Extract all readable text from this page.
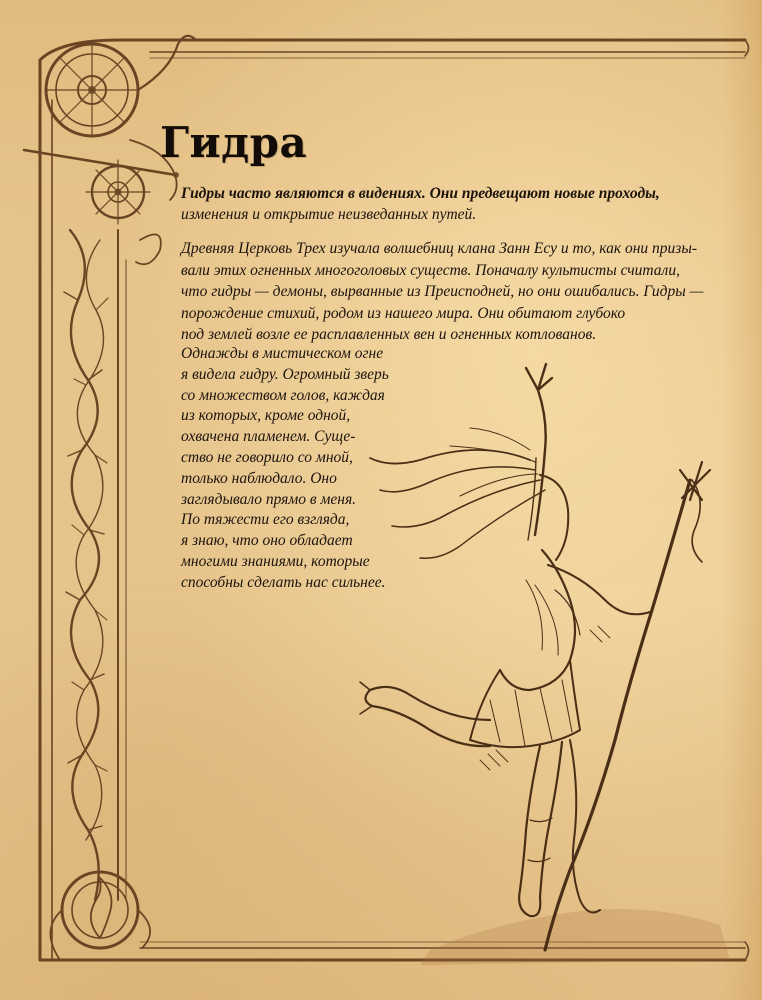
Гидра

Гидры часто являются в видениях. Они предвещают новые проходы,
изменения и открытие неизведанных путей.

Древняя Церковь Трех изучала волшебниц клана Занн Есу и то, как они призы-
вали этих огненных многоголовых существ. Поначалу культисты считали,
что гидры — демоны, вырванные из Преисподней, но они ошибались. Гидры —
порождение стихий, родом из нашего мира. Они обитают глубоко
под землей возле ее расплавленных вен и огненных котлованов.

Однажды в мистическом огне
я видела гидру. Огромный зверь
со множеством голов, каждая
из которых, кроме одной,
охвачена пламенем. Суще-
ство не говорило со мной,
только наблюдало. Оно
заглядывало прямо в меня.
По тяжести его взгляда,
я знаю, что оно обладает
многими знаниями, которые
способны сделать нас сильнее.
